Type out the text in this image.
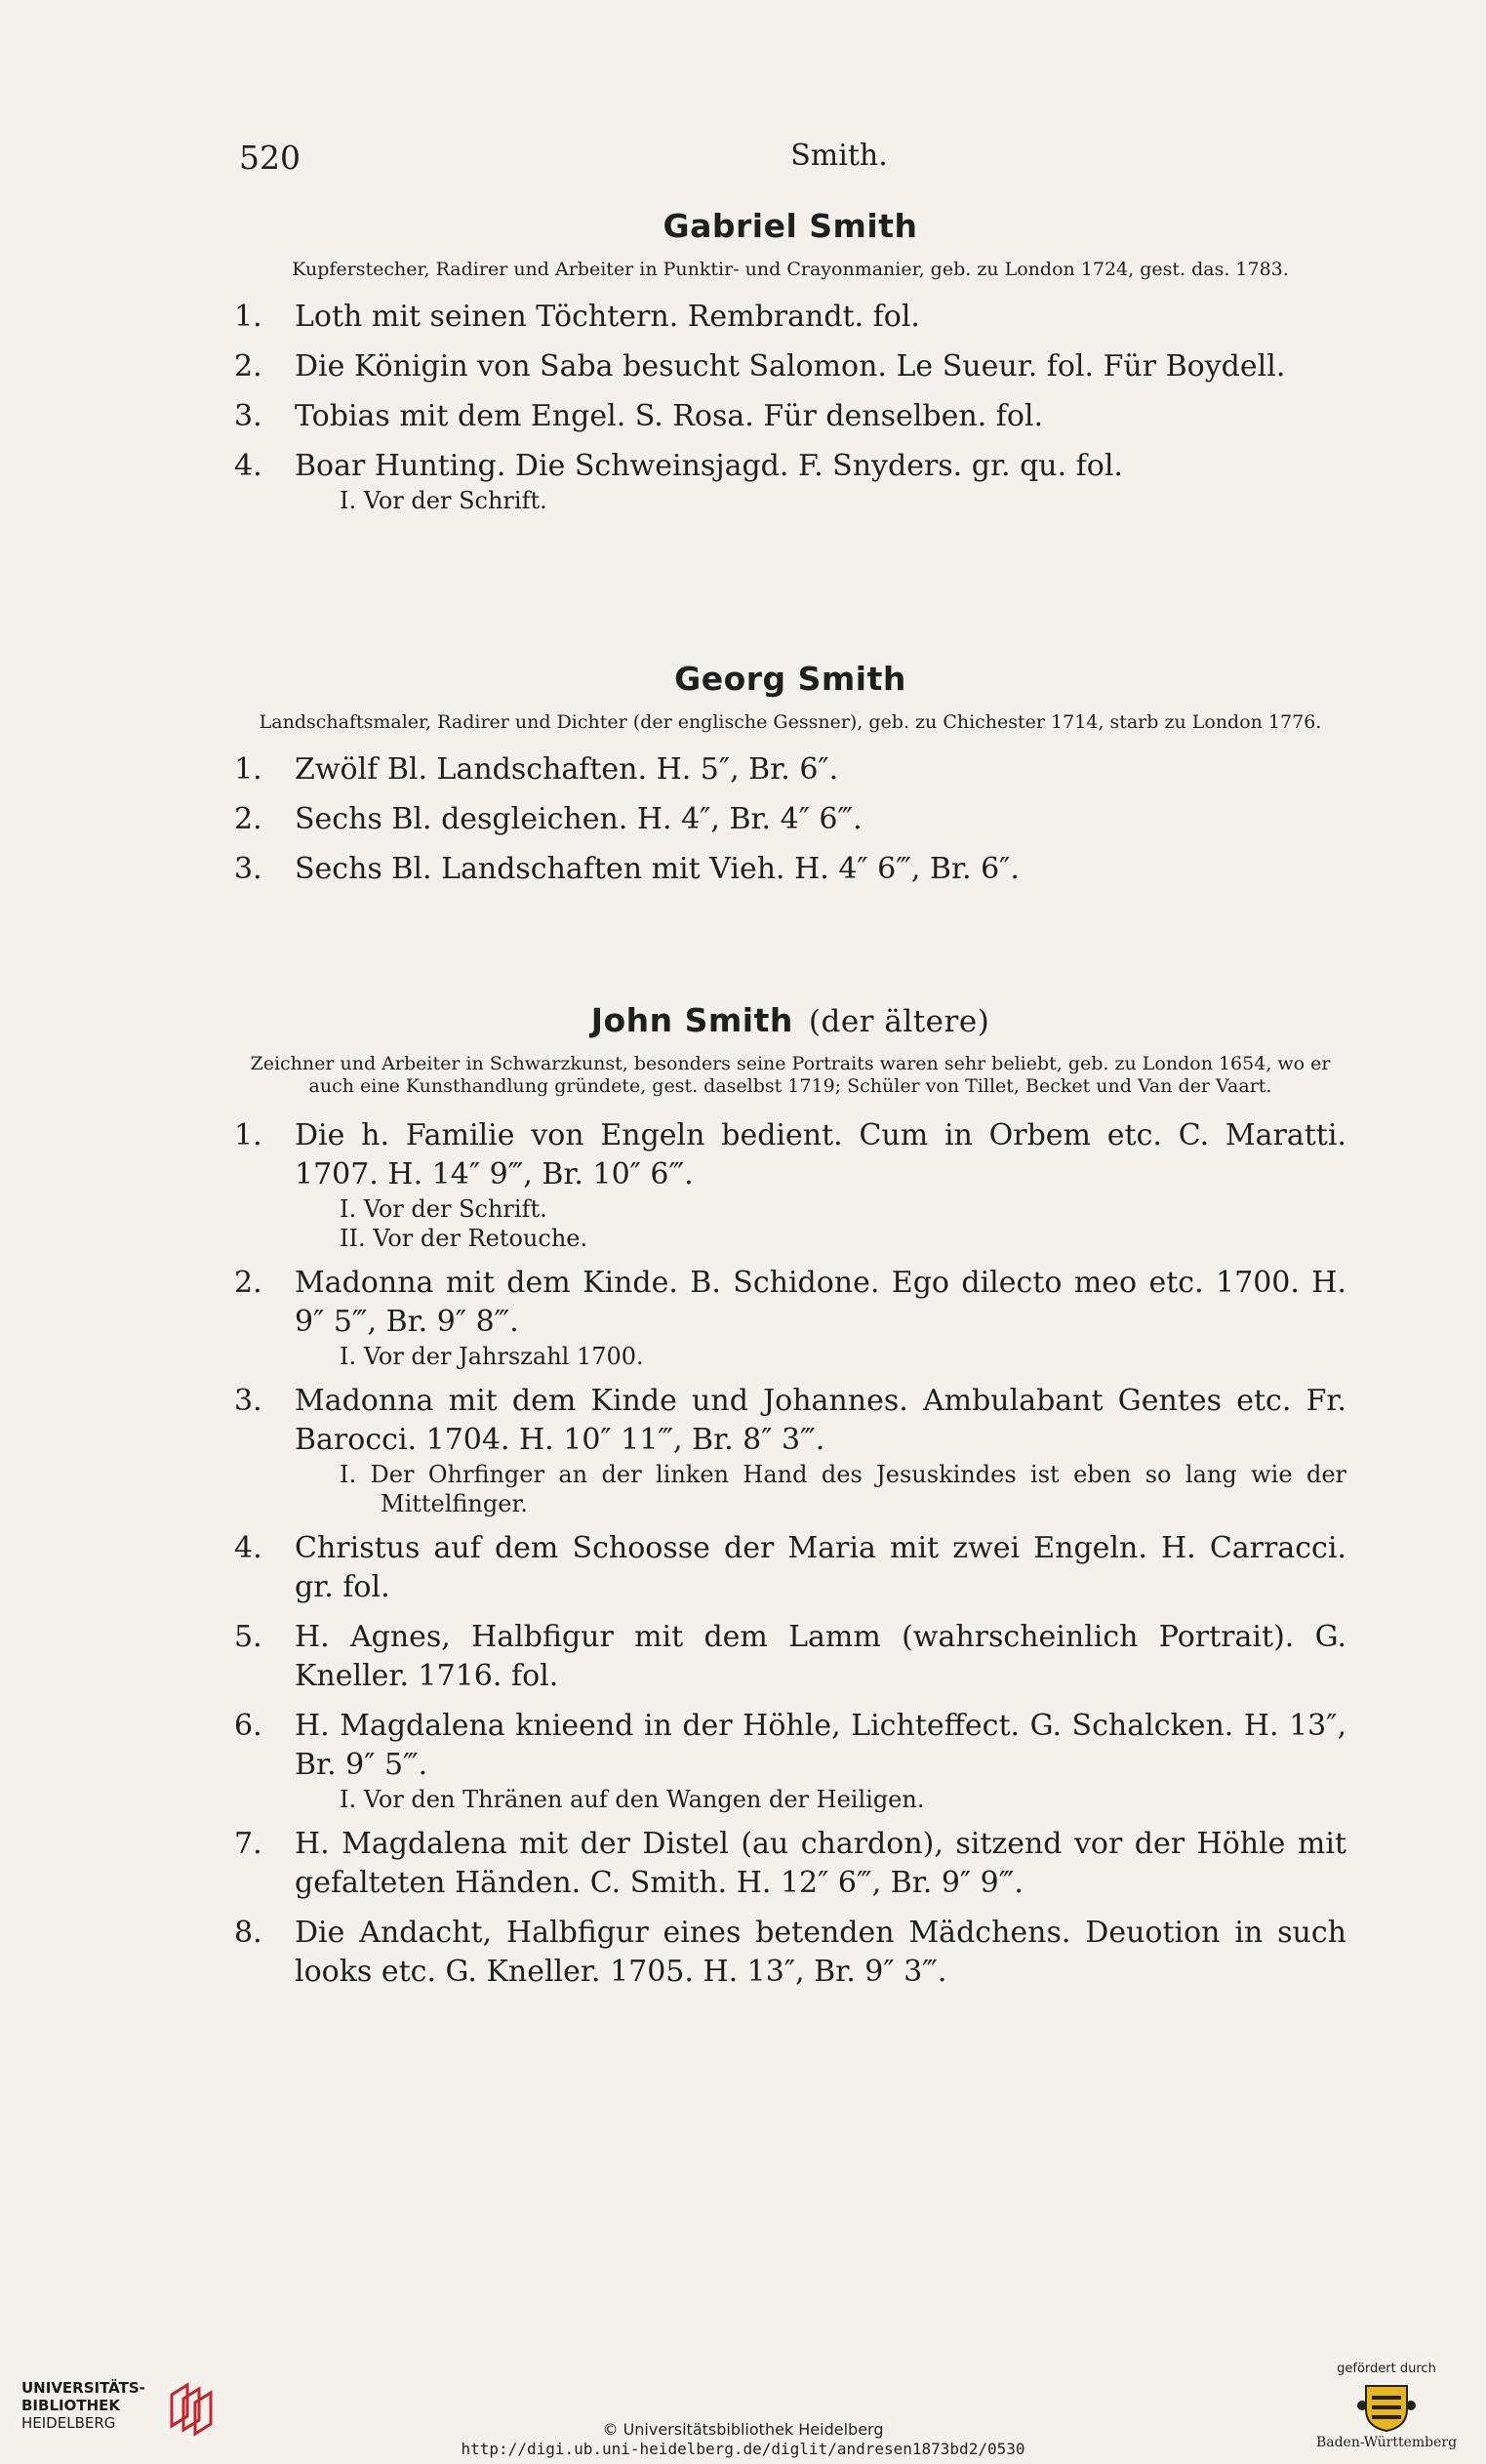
520	Smith.
Gabriel Smith
Kupferstecher, Radirer und Arbeiter in Punktir- und Crayonmanier, geb. zu London 1724, gest. das. 1783.
1.	Loth mit seinen Töchtern. Rembrandt. fol.
2.	Die Königin von Saba besucht Salomon. Le Sueur. fol. Für Boydell.
3.	Tobias mit dem Engel. S. Rosa. Für denselben. fol.
4.	Boar Hunting. Die Schweinsjagd. F. Snyders. gr. qu. fol.
I. Vor der Schrift.
Georg Smith
Landschaftsmaler, Radirer und Dichter (der englische Gessner), geb. zu Chichester 1714, starb zu London 1776.
1.	Zwölf Bl. Landschaften. H. 5″, Br. 6″.
2.	Sechs Bl. desgleichen. H. 4″, Br. 4″ 6‴.
3.	Sechs Bl. Landschaften mit Vieh. H. 4″ 6‴, Br. 6″.
John Smith (der ältere)
Zeichner und Arbeiter in Schwarzkunst, besonders seine Portraits waren sehr beliebt, geb. zu London 1654, wo er auch eine Kunsthandlung gründete, gest. daselbst 1719; Schüler von Tillet, Becket und Van der Vaart.
1.	Die h. Familie von Engeln bedient. Cum in Orbem etc. C. Maratti. 1707. H. 14″ 9‴, Br. 10″ 6‴.
I. Vor der Schrift.
II. Vor der Retouche.
2.	Madonna mit dem Kinde. B. Schidone. Ego dilecto meo etc. 1700. H. 9″ 5‴, Br. 9″ 8‴.
I. Vor der Jahrszahl 1700.
3.	Madonna mit dem Kinde und Johannes. Ambulabant Gentes etc. Fr. Barocci. 1704. H. 10″ 11‴, Br. 8″ 3‴.
I. Der Ohrfinger an der linken Hand des Jesuskindes ist eben so lang wie der Mittelfinger.
4.	Christus auf dem Schoosse der Maria mit zwei Engeln. H. Carracci. gr. fol.
5.	H. Agnes, Halbfigur mit dem Lamm (wahrscheinlich Portrait). G. Kneller. 1716. fol.
6.	H. Magdalena knieend in der Höhle, Lichteffect. G. Schalcken. H. 13″, Br. 9″ 5‴.
I. Vor den Thränen auf den Wangen der Heiligen.
7.	H. Magdalena mit der Distel (au chardon), sitzend vor der Höhle mit gefalteten Händen. C. Smith. H. 12″ 6‴, Br. 9″ 9‴.
8.	Die Andacht, Halbfigur eines betenden Mädchens. Deuotion in such looks etc. G. Kneller. 1705. H. 13″, Br. 9″ 3‴.
UNIVERSITÄTS-
BIBLIOTHEK
HEIDELBERG	© Universitätsbibliothek Heidelberg
http://digi.ub.uni-heidelberg.de/diglit/andresen1873bd2/0530
gefördert durch
Baden-Württemberg
